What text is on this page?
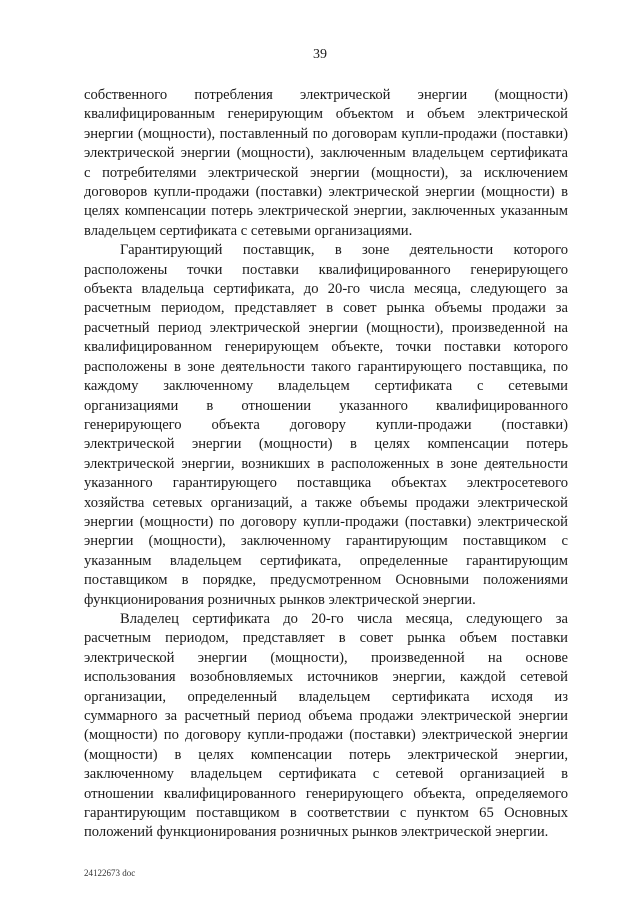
39
собственного потребления электрической энергии (мощности)
квалифицированным генерирующим объектом и объем электрической
энергии (мощности), поставленный по договорам купли-продажи (поставки)
электрической энергии (мощности), заключенным владельцем сертификата
с потребителями электрической энергии (мощности), за исключением
договоров купли-продажи (поставки) электрической энергии (мощности) в
целях компенсации потерь электрической энергии, заключенных указанным
владельцем сертификата с сетевыми организациями.
Гарантирующий поставщик, в зоне деятельности которого
расположены точки поставки квалифицированного генерирующего
объекта владельца сертификата, до 20-го числа месяца, следующего за
расчетным периодом, представляет в совет рынка объемы продажи за
расчетный период электрической энергии (мощности), произведенной на
квалифицированном генерирующем объекте, точки поставки которого
расположены в зоне деятельности такого гарантирующего поставщика, по
каждому заключенному владельцем сертификата с сетевыми
организациями в отношении указанного квалифицированного
генерирующего объекта договору купли-продажи (поставки)
электрической энергии (мощности) в целях компенсации потерь
электрической энергии, возникших в расположенных в зоне деятельности
указанного гарантирующего поставщика объектах электросетевого
хозяйства сетевых организаций, а также объемы продажи электрической
энергии (мощности) по договору купли-продажи (поставки) электрической
энергии (мощности), заключенному гарантирующим поставщиком с
указанным владельцем сертификата, определенные гарантирующим
поставщиком в порядке, предусмотренном Основными положениями
функционирования розничных рынков электрической энергии.
Владелец сертификата до 20-го числа месяца, следующего за
расчетным периодом, представляет в совет рынка объем поставки
электрической энергии (мощности), произведенной на основе
использования возобновляемых источников энергии, каждой сетевой
организации, определенный владельцем сертификата исходя из
суммарного за расчетный период объема продажи электрической энергии
(мощности) по договору купли-продажи (поставки) электрической энергии
(мощности) в целях компенсации потерь электрической энергии,
заключенному владельцем сертификата с сетевой организацией в
отношении квалифицированного генерирующего объекта, определяемого
гарантирующим поставщиком в соответствии с пунктом 65 Основных
положений функционирования розничных рынков электрической энергии.
24122673 doc
